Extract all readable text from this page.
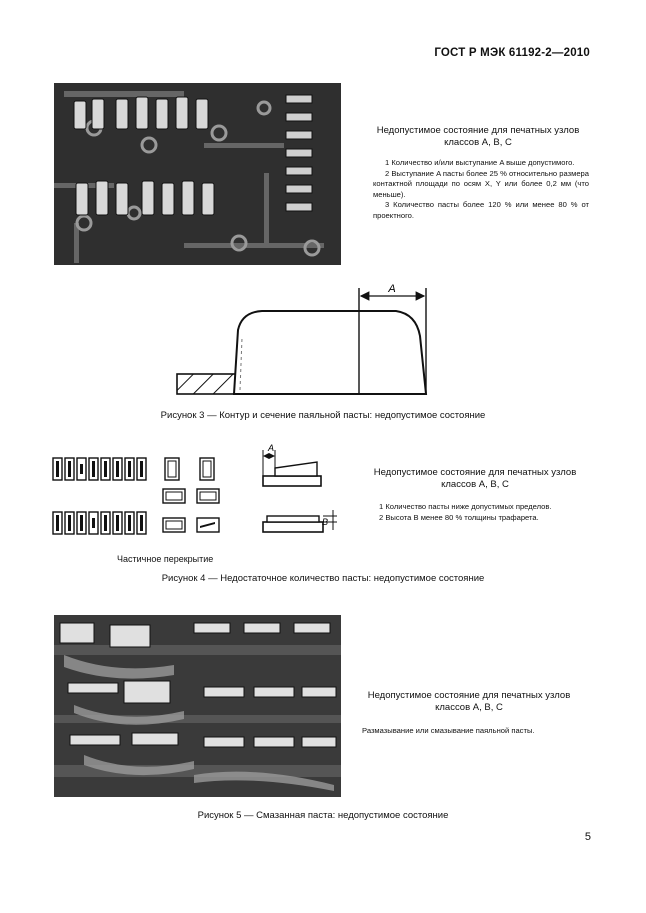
ГОСТ Р МЭК 61192-2—2010
Недопустимое состояние для печатных узлов классов А, В, С

1 Количество и/или выступание A выше допустимого.

2 Выступание A пасты более 25 % относительно размера контактной площади по осям X, Y или более 0,2 мм (что меньше).

3 Количество пасты более 120 % или менее 80 % от проектного.

A
Рисунок 3 — Контур и сечение паяльной пасты: недопустимое состояние
A
B
Недопустимое состояние для печатных узлов классов А, В, С

1 Количество пасты ниже допустимых пределов.

2 Высота В менее 80 % толщины трафарета.

Частичное перекрытие
Рисунок 4 — Недостаточное количество пасты: недопустимое состояние
Недопустимое состояние для печатных узлов классов А, В, С
Размазывание или смазывание паяльной пасты.
Рисунок 5 — Смазанная паста: недопустимое состояние
5
